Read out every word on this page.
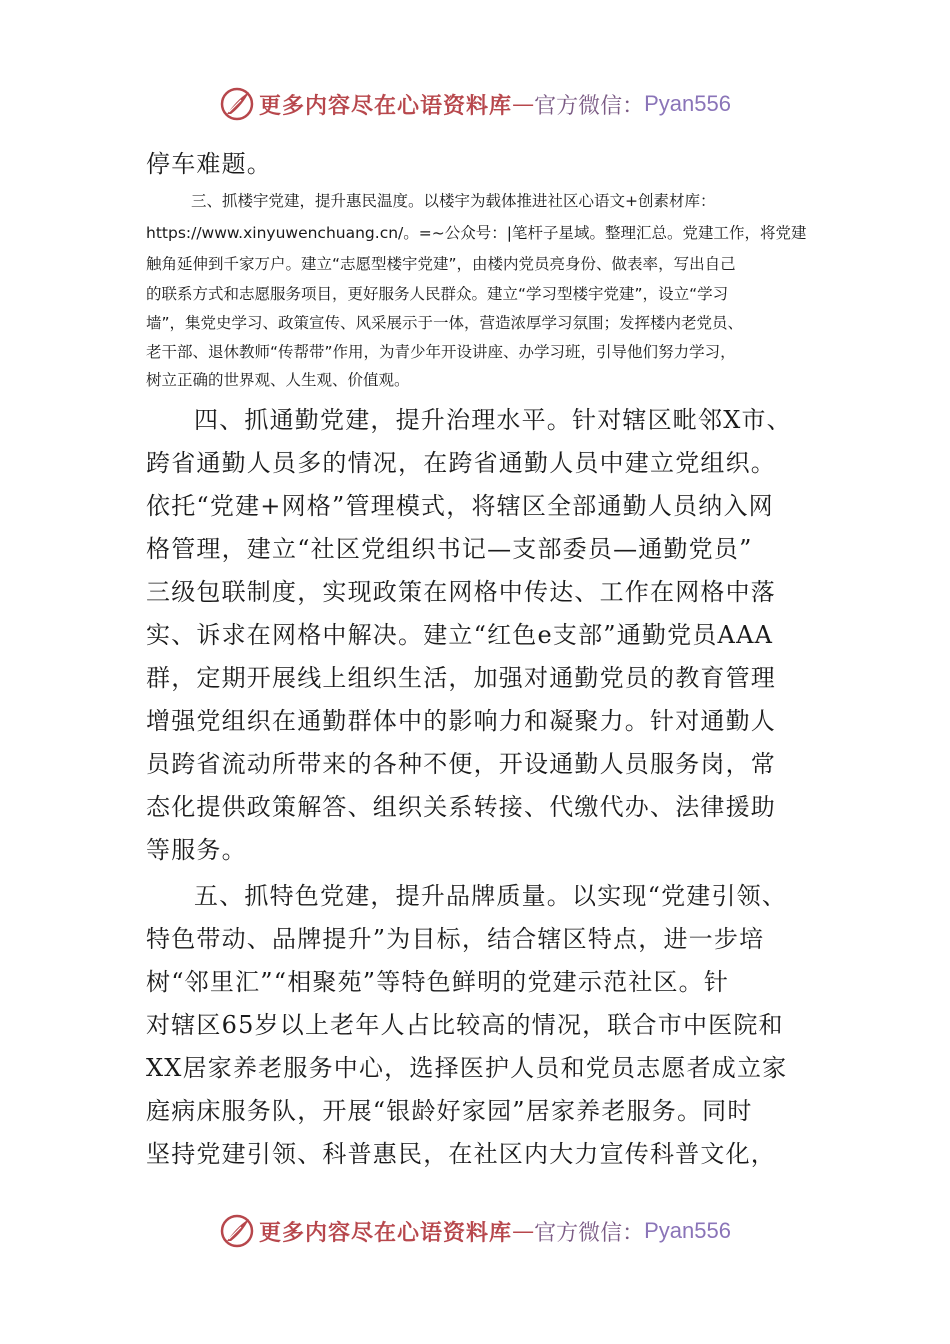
更多内容尽在心语资料库 — 官方微信： Pyan556
停车难题。
三、抓楼宇党建，提升惠民温度。以楼宇为载体推进社区心语文+创素材库：
https://www.xinyuwenchuang.cn/。=~公众号：|笔杆子星域。整理汇总。党建工作，将党建
触角延伸到千家万户。建立“志愿型楼宇党建”，由楼内党员亮身份、做表率，写出自己
的联系方式和志愿服务项目，更好服务人民群众。建立“学习型楼宇党建”，设立“学习
墙”，集党史学习、政策宣传、风采展示于一体，营造浓厚学习氛围；发挥楼内老党员、
老干部、退休教师“传帮带”作用，为青少年开设讲座、办学习班，引导他们努力学习，
树立正确的世界观、人生观、价值观。
四、抓通勤党建，提升治理水平。针对辖区毗邻X市、
跨省通勤人员多的情况，在跨省通勤人员中建立党组织。
依托“党建+网格”管理模式，将辖区全部通勤人员纳入网
格管理，建立“社区党组织书记—支部委员—通勤党员”
三级包联制度，实现政策在网格中传达、工作在网格中落
实、诉求在网格中解决。建立“红色e支部”通勤党员AAA
群，定期开展线上组织生活，加强对通勤党员的教育管理
增强党组织在通勤群体中的影响力和凝聚力。针对通勤人
员跨省流动所带来的各种不便，开设通勤人员服务岗，常
态化提供政策解答、组织关系转接、代缴代办、法律援助
等服务。
五、抓特色党建，提升品牌质量。以实现“党建引领、
特色带动、品牌提升”为目标，结合辖区特点，进一步培
树“邻里汇”“相聚苑”等特色鲜明的党建示范社区。针
对辖区65岁以上老年人占比较高的情况，联合市中医院和
XX居家养老服务中心，选择医护人员和党员志愿者成立家
庭病床服务队，开展“银龄好家园”居家养老服务。同时
坚持党建引领、科普惠民，在社区内大力宣传科普文化，
更多内容尽在心语资料库 — 官方微信： Pyan556
